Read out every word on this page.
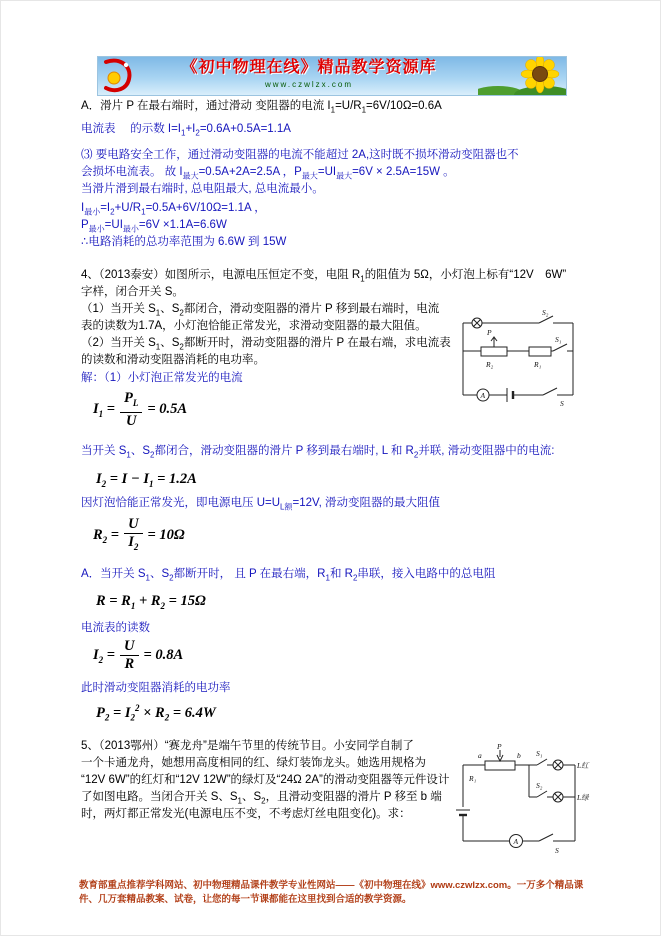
《初中物理在线》精品教学资源库
www.czwlzx.com
A．滑片 P 在最右端时，通过滑动 变阻器的电流 $I_1=U/R_1=6V/10\Omega=0.6A$
电流表　 的示数 $I=I_1+I_2=0.6A+0.5A=1.1A$
⑶ 要电路安全工作，通过滑动变阻器的电流不能超过 2A,这时既不损坏滑动变阻器也不
会损坏电流表。 故 $I_{最大}=0.5A+2A=2.5A$ ，$P_{最大}=UI_{最大}=6V \times 2.5A=15W$ 。
当滑片滑到最右端时, 总电阻最大, 总电流最小。
$I_{最小}=I_2+U/R_1=0.5A+6V/10\Omega=1.1A$ ，
$P_{最小}=UI_{最小}=6V \times 1.1A=6.6W$
∴电路消耗的总功率范围为 6.6W 到 15W
4、（2013泰安）如图所示，电源电压恒定不变，电阻 $R_1$的阻值为 5Ω，小灯泡上标有“12V　6W”
字样，闭合开关 S。
（1）当开关 $S_1$、$S_2$都闭合，滑动变阻器的滑片 P 移到最右端时，电流
表的读数为1.7A，小灯泡恰能正常发光，求滑动变阻器的最大阻值。
（2）当开关 $S_1$、$S_2$都断开时，滑动变阻器的滑片 P 在最右端，求电流表
的读数和滑动变阻器消耗的电功率。
S₂
S₁
P
R₂	R₁
A
S
解：（1）小灯泡正常发光的电流
$I_1 = \frac{P_L}{U} = 0.5A$
当开关 $S_1$、$S_2$都闭合，滑动变阻器的滑片 P 移到最右端时, L 和 $R_2$并联, 滑动变阻器中的电流:
$I_2 = I - I_1 = 1.2A$
因灯泡恰能正常发光，即电源电压 $U=U_{L额}=12V$, 滑动变阻器的最大阻值
$R_2 = \frac{U}{I_2} = 10\Omega$
A．当开关 $S_1$、$S_2$都断开时， 且 P 在最右端，$R_1$和 $R_2$串联，接入电路中的总电阻
$R = R_1 + R_2 = 15\Omega$
电流表的读数
$I_2 = \frac{U}{R} = 0.8A$
此时滑动变阻器消耗的电功率
$P_2 = I_2^2 \times R_2 = 6.4W$
5、（2013鄂州）“赛龙舟”是端午节里的传统节目。小安同学自制了
一个卡通龙舟，她想用高度相同的红、绿灯装饰龙头。她选用规格为
“12V 6W”的红灯和“12V 12W”的绿灯及“24Ω 2A”的滑动变阻器等元件设计
了如图电路。当闭合开关 S、$S_1$、$S_2$，且滑动变阻器的滑片 P 移至 b 端
时，两灯都正常发光(电源电压不变，不考虑灯丝电阻变化)。求：
P
a	b
R₁
S₁
S₂
L红
L绿
A
S
教育部重点推荐学科网站、初中物理精品课件教学专业性网站——《初中物理在线》www.czwlzx.com。一万多个精品课
件、几万套精品教案、试卷，让您的每一节课都能在这里找到合适的教学资源。
